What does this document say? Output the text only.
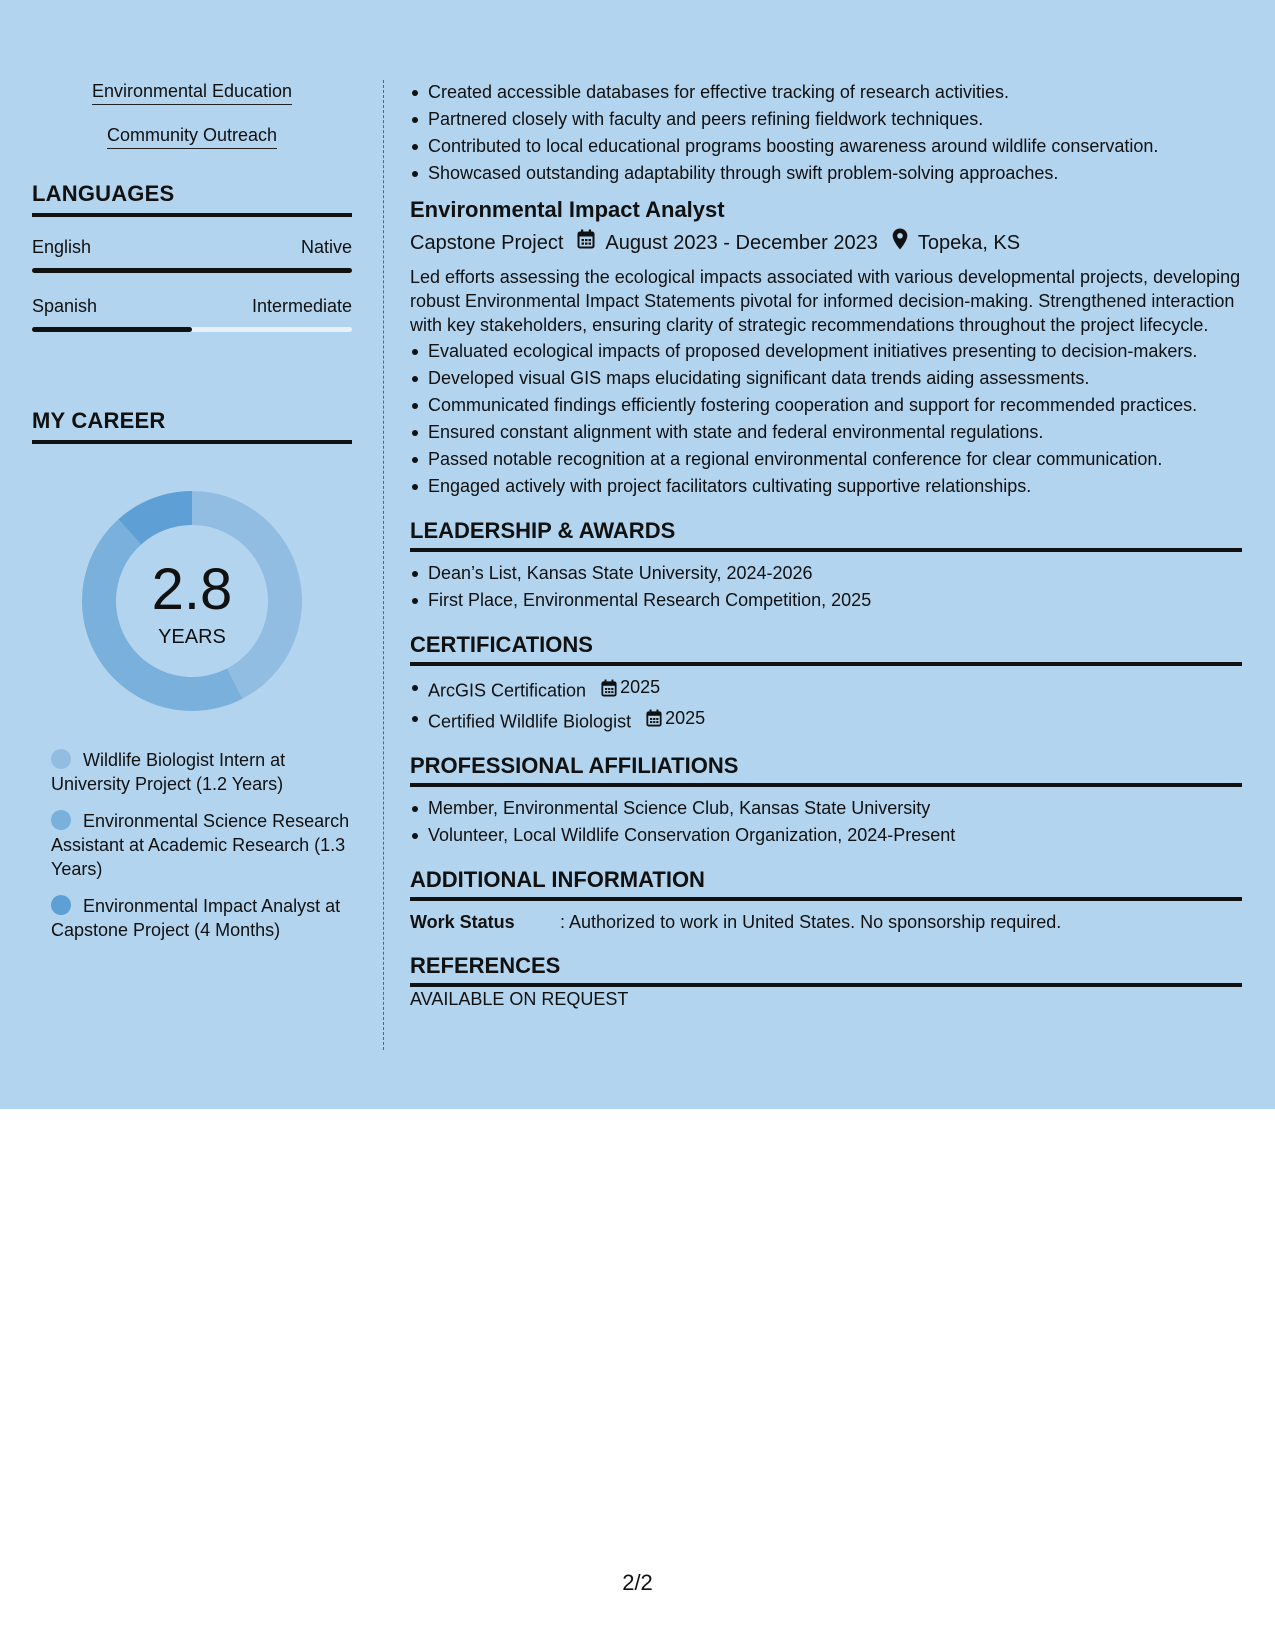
Environmental Education
Community Outreach
LANGUAGES
English	Native
Spanish	Intermediate
MY CAREER
2.8
YEARS
Wildlife Biologist Intern at University Project (1.2 Years)
Environmental Science Research Assistant at Academic Research (1.3 Years)
Environmental Impact Analyst at Capstone Project (4 Months)
Created accessible databases for effective tracking of research activities.
Partnered closely with faculty and peers refining fieldwork techniques.
Contributed to local educational programs boosting awareness around wildlife conservation.
Showcased outstanding adaptability through swift problem-solving approaches.
Environmental Impact Analyst
Capstone Project August 2023 - December 2023 Topeka, KS
Led efforts assessing the ecological impacts associated with various developmental projects, developing robust Environmental Impact Statements pivotal for informed decision-making. Strengthened interaction with key stakeholders, ensuring clarity of strategic recommendations throughout the project lifecycle.
Evaluated ecological impacts of proposed development initiatives presenting to decision-makers.
Developed visual GIS maps elucidating significant data trends aiding assessments.
Communicated findings efficiently fostering cooperation and support for recommended practices.
Ensured constant alignment with state and federal environmental regulations.
Passed notable recognition at a regional environmental conference for clear communication.
Engaged actively with project facilitators cultivating supportive relationships.
LEADERSHIP & AWARDS
Dean’s List, Kansas State University, 2024-2026
First Place, Environmental Research Competition, 2025
CERTIFICATIONS
ArcGIS Certification 2025
Certified Wildlife Biologist 2025
PROFESSIONAL AFFILIATIONS
Member, Environmental Science Club, Kansas State University
Volunteer, Local Wildlife Conservation Organization, 2024-Present
ADDITIONAL INFORMATION
Work Status	: Authorized to work in United States. No sponsorship required.
REFERENCES
AVAILABLE ON REQUEST
2/2
